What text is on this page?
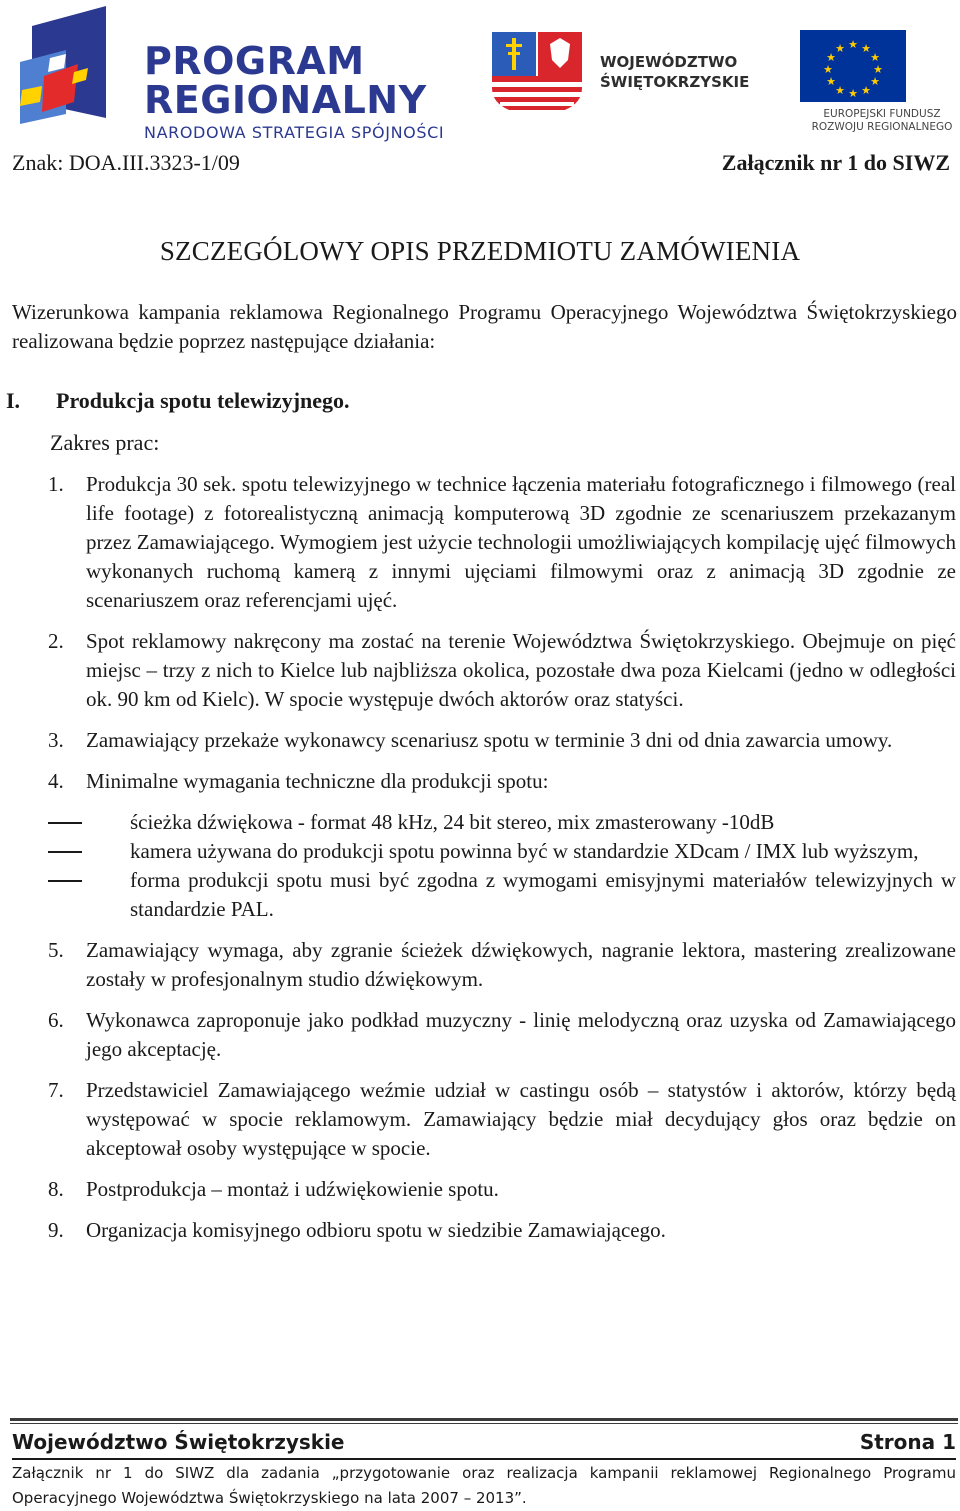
PROGRAM
REGIONALNY
NARODOWA STRATEGIA SPÓJNOŚCI
WOJEWÓDZTWO
ŚWIĘTOKRZYSKIE
★ ★
★
★
★
★
★
★
★
★
★
★
EUROPEJSKI FUNDUSZ
ROZWOJU REGIONALNEGO
Znak: DOA.III.3323-1/09	Załącznik nr 1 do SIWZ
SZCZEGÓLOWY OPIS PRZEDMIOTU ZAMÓWIENIA
Wizerunkowa kampania reklamowa Regionalnego Programu Operacyjnego Województwa Świętokrzyskiego realizowana będzie poprzez następujące działania:
I. Produkcja spotu telewizyjnego.
Zakres prac:
1. Produkcja 30 sek. spotu telewizyjnego w technice łączenia materiału fotograficznego i filmowego (real life footage) z fotorealistyczną animacją komputerową 3D zgodnie ze scenariuszem przekazanym przez Zamawiającego. Wymogiem jest użycie technologii umożliwiających kompilację ujęć filmowych wykonanych ruchomą kamerą z innymi ujęciami filmowymi oraz z animacją 3D zgodnie ze scenariuszem oraz referencjami ujęć.
2. Spot reklamowy nakręcony ma zostać na terenie Województwa Świętokrzyskiego. Obejmuje on pięć miejsc – trzy z nich to Kielce lub najbliższa okolica, pozostałe dwa poza Kielcami (jedno w odległości ok. 90 km od Kielc). W spocie występuje dwóch aktorów oraz statyści.
3. Zamawiający przekaże wykonawcy scenariusz spotu w terminie 3 dni od dnia zawarcia umowy.
4. Minimalne wymagania techniczne dla produkcji spotu:
ścieżka dźwiękowa - format 48 kHz, 24 bit stereo, mix zmasterowany -10dB
kamera używana do produkcji spotu powinna być w standardzie XDcam / IMX lub wyższym,
forma produkcji spotu musi być zgodna z wymogami emisyjnymi materiałów telewizyjnych w standardzie PAL.
5. Zamawiający wymaga, aby zgranie ścieżek dźwiękowych, nagranie lektora, mastering zrealizowane zostały w profesjonalnym studio dźwiękowym.
6. Wykonawca zaproponuje jako podkład muzyczny - linię melodyczną oraz uzyska od Zamawiającego jego akceptację.
7. Przedstawiciel Zamawiającego weźmie udział w castingu osób – statystów i aktorów, którzy będą występować w spocie reklamowym. Zamawiający będzie miał decydujący głos oraz będzie on akceptował osoby występujące w spocie.
8. Postprodukcja – montaż i udźwiękowienie spotu.
9. Organizacja komisyjnego odbioru spotu w siedzibie Zamawiającego.
Województwo Świętokrzyskie	Strona 1
Załącznik nr 1 do SIWZ dla zadania „przygotowanie oraz realizacja kampanii reklamowej Regionalnego Programu Operacyjnego Województwa Świętokrzyskiego na lata 2007 – 2013”.
